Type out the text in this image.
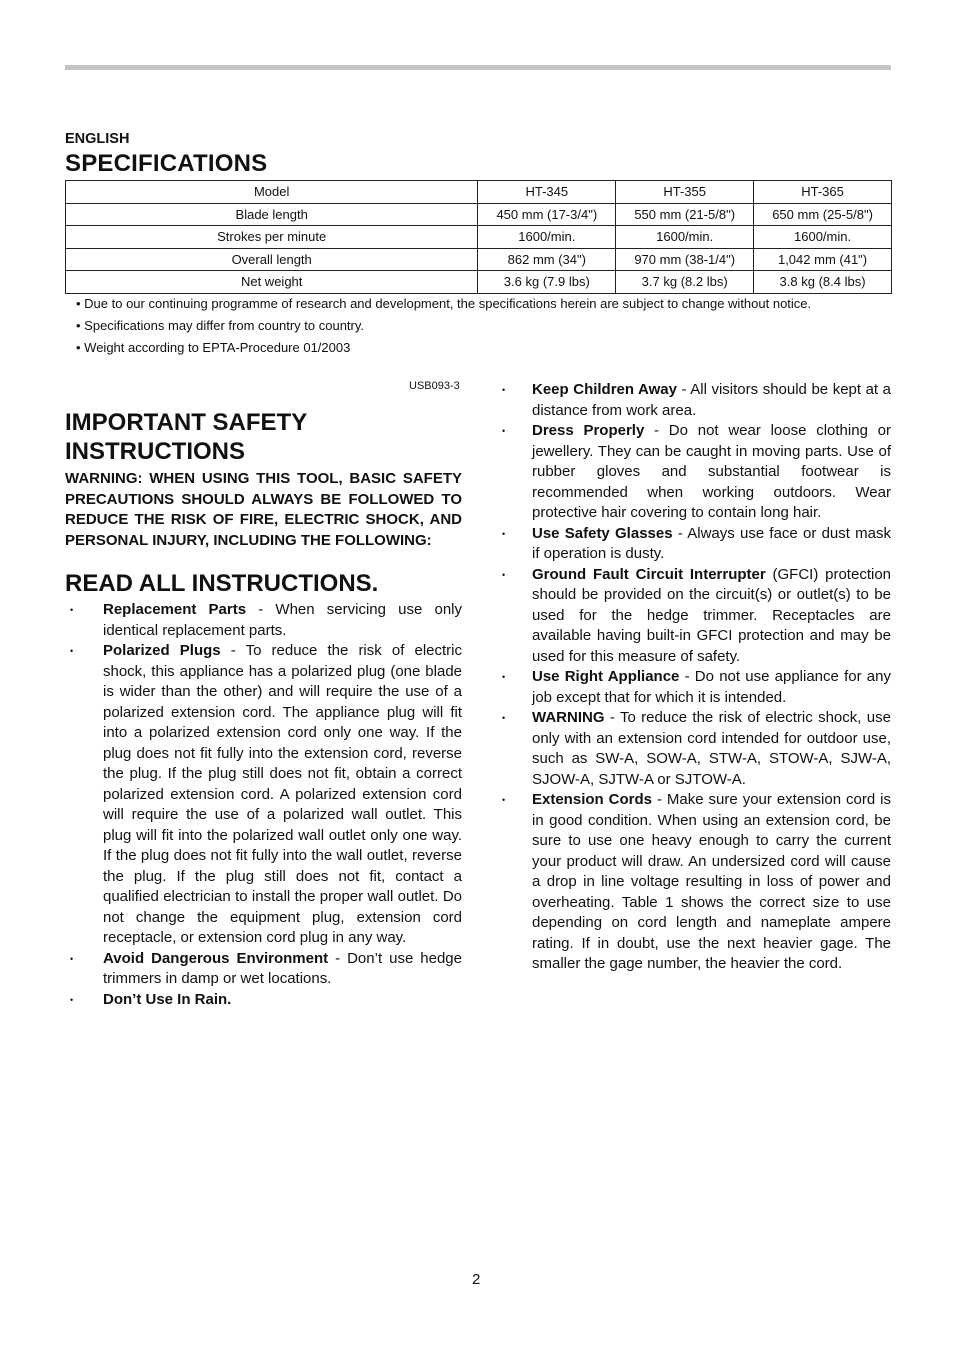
ENGLISH
SPECIFICATIONS
Model	HT-345	HT-355	HT-365
Blade length	450 mm (17-3/4")	550 mm (21-5/8")	650 mm (25-5/8")
Strokes per minute	1600/min.	1600/min.	1600/min.
Overall length	862 mm (34")	970 mm (38-1/4")	1,042 mm (41")
Net weight	3.6 kg (7.9 lbs)	3.7 kg (8.2 lbs)	3.8 kg (8.4 lbs)
• Due to our continuing programme of research and development, the specifications herein are subject to change without notice.
• Specifications may differ from country to country.
• Weight according to EPTA-Procedure 01/2003
USB093-3
IMPORTANT SAFETY INSTRUCTIONS
WARNING: WHEN USING THIS TOOL, BASIC SAFETY PRECAUTIONS SHOULD ALWAYS BE FOLLOWED TO REDUCE THE RISK OF FIRE, ELECTRIC SHOCK, AND PERSONAL INJURY, INCLUDING THE FOLLOWING:
READ ALL INSTRUCTIONS.
• Replacement Parts - When servicing use only identical replacement parts.
• Polarized Plugs - To reduce the risk of electric shock, this appliance has a polarized plug (one blade is wider than the other) and will require the use of a polarized extension cord. The appliance plug will fit into a polarized extension cord only one way. If the plug does not fit fully into the extension cord, reverse the plug. If the plug still does not fit, obtain a correct polarized extension cord. A polarized extension cord will require the use of a polarized wall outlet. This plug will fit into the polarized wall outlet only one way. If the plug does not fit fully into the wall outlet, reverse the plug. If the plug still does not fit, contact a qualified electrician to install the proper wall outlet. Do not change the equipment plug, extension cord receptacle, or extension cord plug in any way.
• Avoid Dangerous Environment - Don’t use hedge trimmers in damp or wet locations.
• Don’t Use In Rain.
• Keep Children Away - All visitors should be kept at a distance from work area.
• Dress Properly - Do not wear loose clothing or jewellery. They can be caught in moving parts. Use of rubber gloves and substantial footwear is recommended when working outdoors. Wear protective hair covering to contain long hair.
• Use Safety Glasses - Always use face or dust mask if operation is dusty.
• Ground Fault Circuit Interrupter (GFCI) protection should be provided on the circuit(s) or outlet(s) to be used for the hedge trimmer. Receptacles are available having built-in GFCI protection and may be used for this measure of safety.
• Use Right Appliance - Do not use appliance for any job except that for which it is intended.
• WARNING - To reduce the risk of electric shock, use only with an extension cord intended for outdoor use, such as SW-A, SOW-A, STW-A, STOW-A, SJW-A, SJOW-A, SJTW-A or SJTOW-A.
• Extension Cords - Make sure your extension cord is in good condition. When using an extension cord, be sure to use one heavy enough to carry the current your product will draw. An undersized cord will cause a drop in line voltage resulting in loss of power and overheating. Table 1 shows the correct size to use depending on cord length and nameplate ampere rating. If in doubt, use the next heavier gage. The smaller the gage number, the heavier the cord.
2
